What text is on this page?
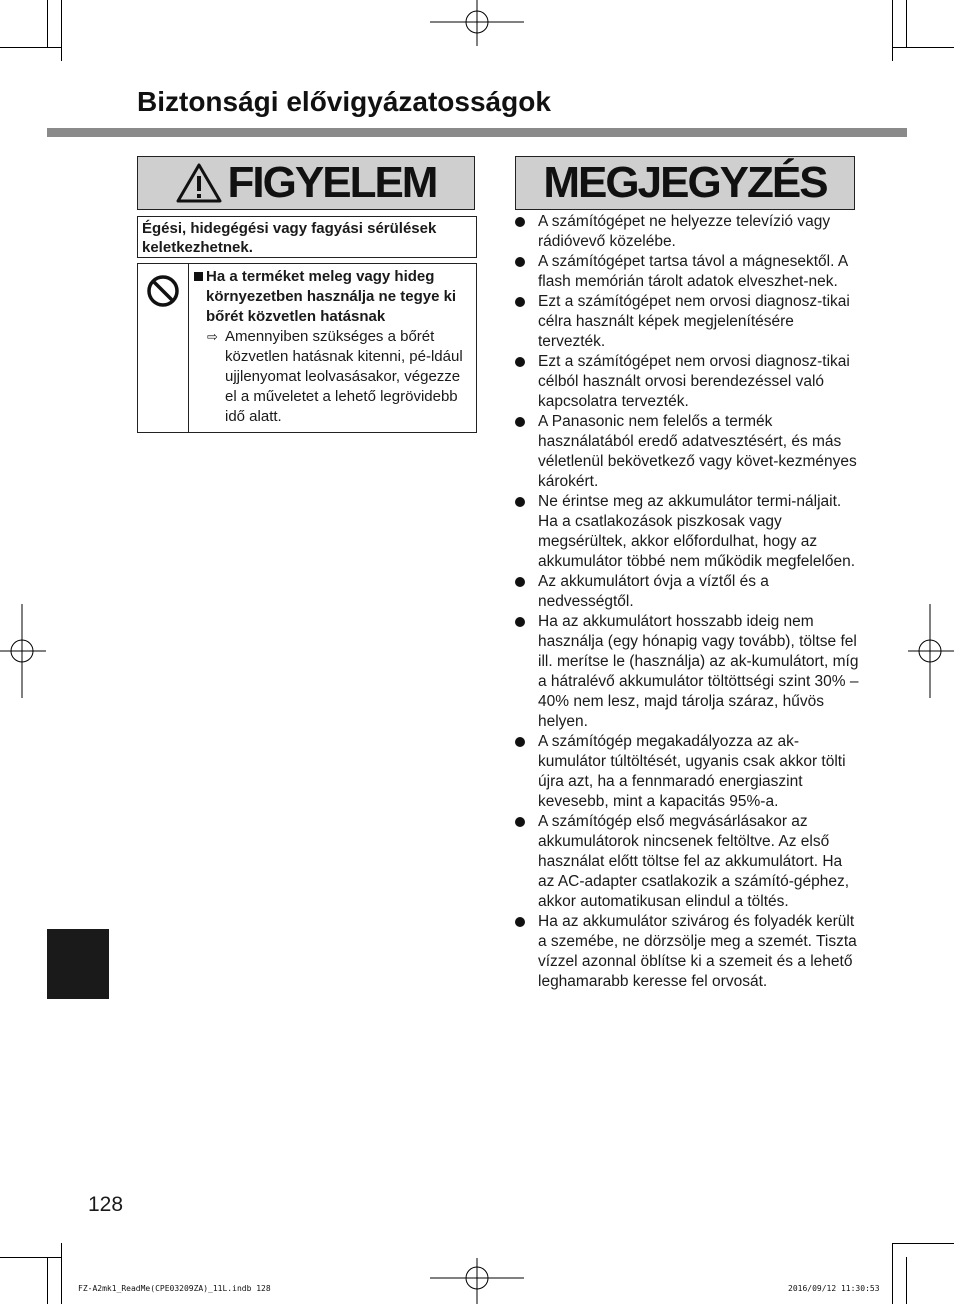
Biztonsági elővigyázatosságok
FIGYELEM
Égési, hidegégési vagy fagyási sérülések keletkezhetnek.
Ha a terméket meleg vagy hideg környezetben használja ne tegye ki bőrét közvetlen hatásnak
⇨ Amennyiben szükséges a bőrét közvetlen hatásnak kitenni, pé-ldául ujjlenyomat leolvasásakor, végezze el a műveletet a lehető legrövidebb idő alatt.
MEGJEGYZÉS
A számítógépet ne helyezze televízió vagy rádióvevő közelébe.
A számítógépet tartsa távol a mágnesektől. A flash memórián tárolt adatok elveszhet-nek.
Ezt a számítógépet nem orvosi diagnosz-tikai célra használt képek megjelenítésére tervezték.
Ezt a számítógépet nem orvosi diagnosz-tikai célból használt orvosi berendezéssel való kapcsolatra tervezték.
A Panasonic nem felelős a termék használatából eredő adatvesztésért, és más véletlenül bekövetkező vagy követ-kezményes károkért.
Ne érintse meg az akkumulátor termi-náljait. Ha a csatlakozások piszkosak vagy megsérültek, akkor előfordulhat, hogy az akkumulátor többé nem működik megfelelően.
Az akkumulátort óvja a víztől és a nedvességtől.
Ha az akkumulátort hosszabb ideig nem használja (egy hónapig vagy tovább), töltse fel ill. merítse le (használja) az ak-kumulátort, míg a hátralévő akkumulátor töltöttségi szint 30% – 40% nem lesz, majd tárolja száraz, hűvös helyen.
A számítógép megakadályozza az ak-kumulátor túltöltését, ugyanis csak akkor tölti újra azt, ha a fennmaradó energiaszint kevesebb, mint a kapacitás 95%-a.
A számítógép első megvásárlásakor az akkumulátorok nincsenek feltöltve. Az első használat előtt töltse fel az akkumulátort. Ha az AC-adapter csatlakozik a számító-géphez, akkor automatikusan elindul a töltés.
Ha az akkumulátor szivárog és folyadék került a szemébe, ne dörzsölje meg a szemét. Tiszta vízzel azonnal öblítse ki a szemeit és a lehető leghamarabb keresse fel orvosát.
128
FZ-A2mk1_ReadMe(CPE03209ZA)_11L.indb 128	2016/09/12 11:30:53
